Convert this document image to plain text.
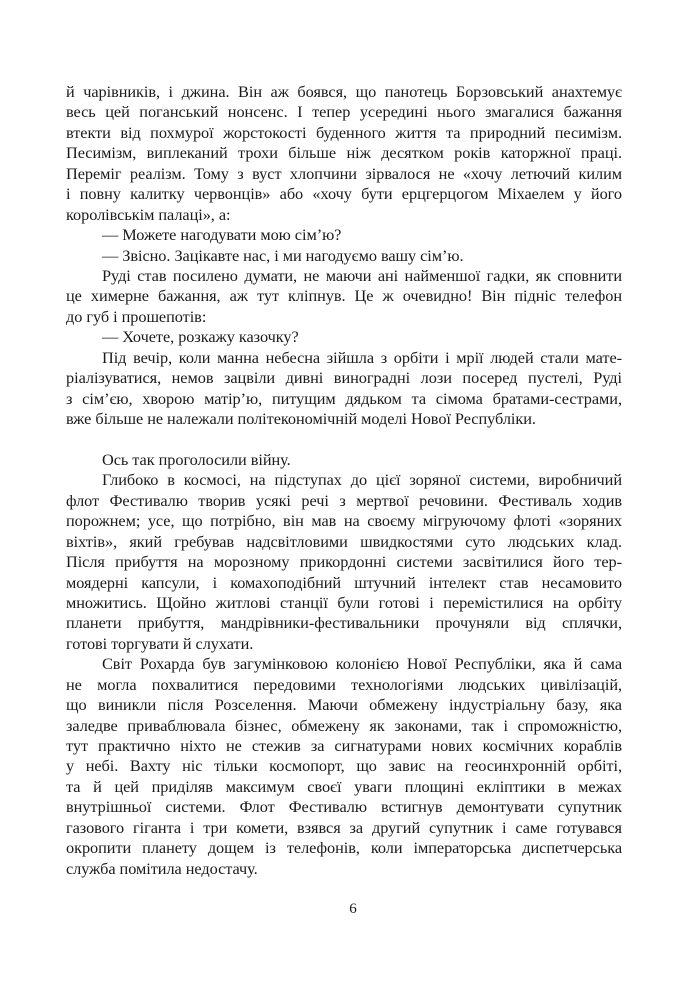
й чарівників, і джина. Він аж боявся, що панотець Борзовський анахтемує
весь цей поганський нонсенс. І тепер усередині нього змагалися бажання
втекти від похмурої жорстокості буденного життя та природний песимізм.
Песимізм, виплеканий трохи більше ніж десятком років каторжної праці.
Переміг реалізм. Тому з вуст хлопчини зірвалося не «хочу летючий килим
і повну калитку червонців» або «хочу бути ерцгерцогом Міхаелем у його
королівськім палаці», а:
— Можете нагодувати мою сім’ю?
— Звісно. Зацікавте нас, і ми нагодуємо вашу сім’ю.
Руді став посилено думати, не маючи ані найменшої гадки, як сповнити
це химерне бажання, аж тут кліпнув. Це ж очевидно! Він підніс телефон
до губ і прошепотів:
— Хочете, розкажу казочку?
Під вечір, коли манна небесна зійшла з орбіти і мрії людей стали мате-
ріалізуватися, немов зацвіли дивні виноградні лози посеред пустелі, Руді
з сім’єю, хворою матір’ю, питущим дядьком та сімома братами-сестрами,
вже більше не належали політекономічній моделі Нової Республіки.
Ось так проголосили війну.
Глибоко в космосі, на підступах до цієї зоряної системи, виробничий
флот Фестивалю творив усякі речі з мертвої речовини. Фестиваль ходив
порожнем; усе, що потрібно, він мав на своєму мігруючому флоті «зоряних
віхтів», який гребував надсвітловими швидкостями суто людських клад.
Після прибуття на морозному прикордонні системи засвітилися його тер-
моядерні капсули, і комахоподібний штучний інтелект став несамовито
множитись. Щойно житлові станції були готові і перемістилися на орбіту
планети прибуття, мандрівники-фестивальники прочуняли від сплячки,
готові торгувати й слухати.
Світ Рохарда був загумінковою колонією Нової Республіки, яка й сама
не могла похвалитися передовими технологіями людських цивілізацій,
що виникли після Розселення. Маючи обмежену індустріальну базу, яка
заледве приваблювала бізнес, обмежену як законами, так і спроможністю,
тут практично ніхто не стежив за сигнатурами нових космічних кораблів
у небі. Вахту ніс тільки космопорт, що завис на геосинхронній орбіті,
та й цей приділяв максимум своєї уваги площині екліптики в межах
внутрішньої системи. Флот Фестивалю встигнув демонтувати супутник
газового гіганта і три комети, взявся за другий супутник і саме готувався
окропити планету дощем із телефонів, коли імператорська диспетчерська
служба помітила недостачу.
6
